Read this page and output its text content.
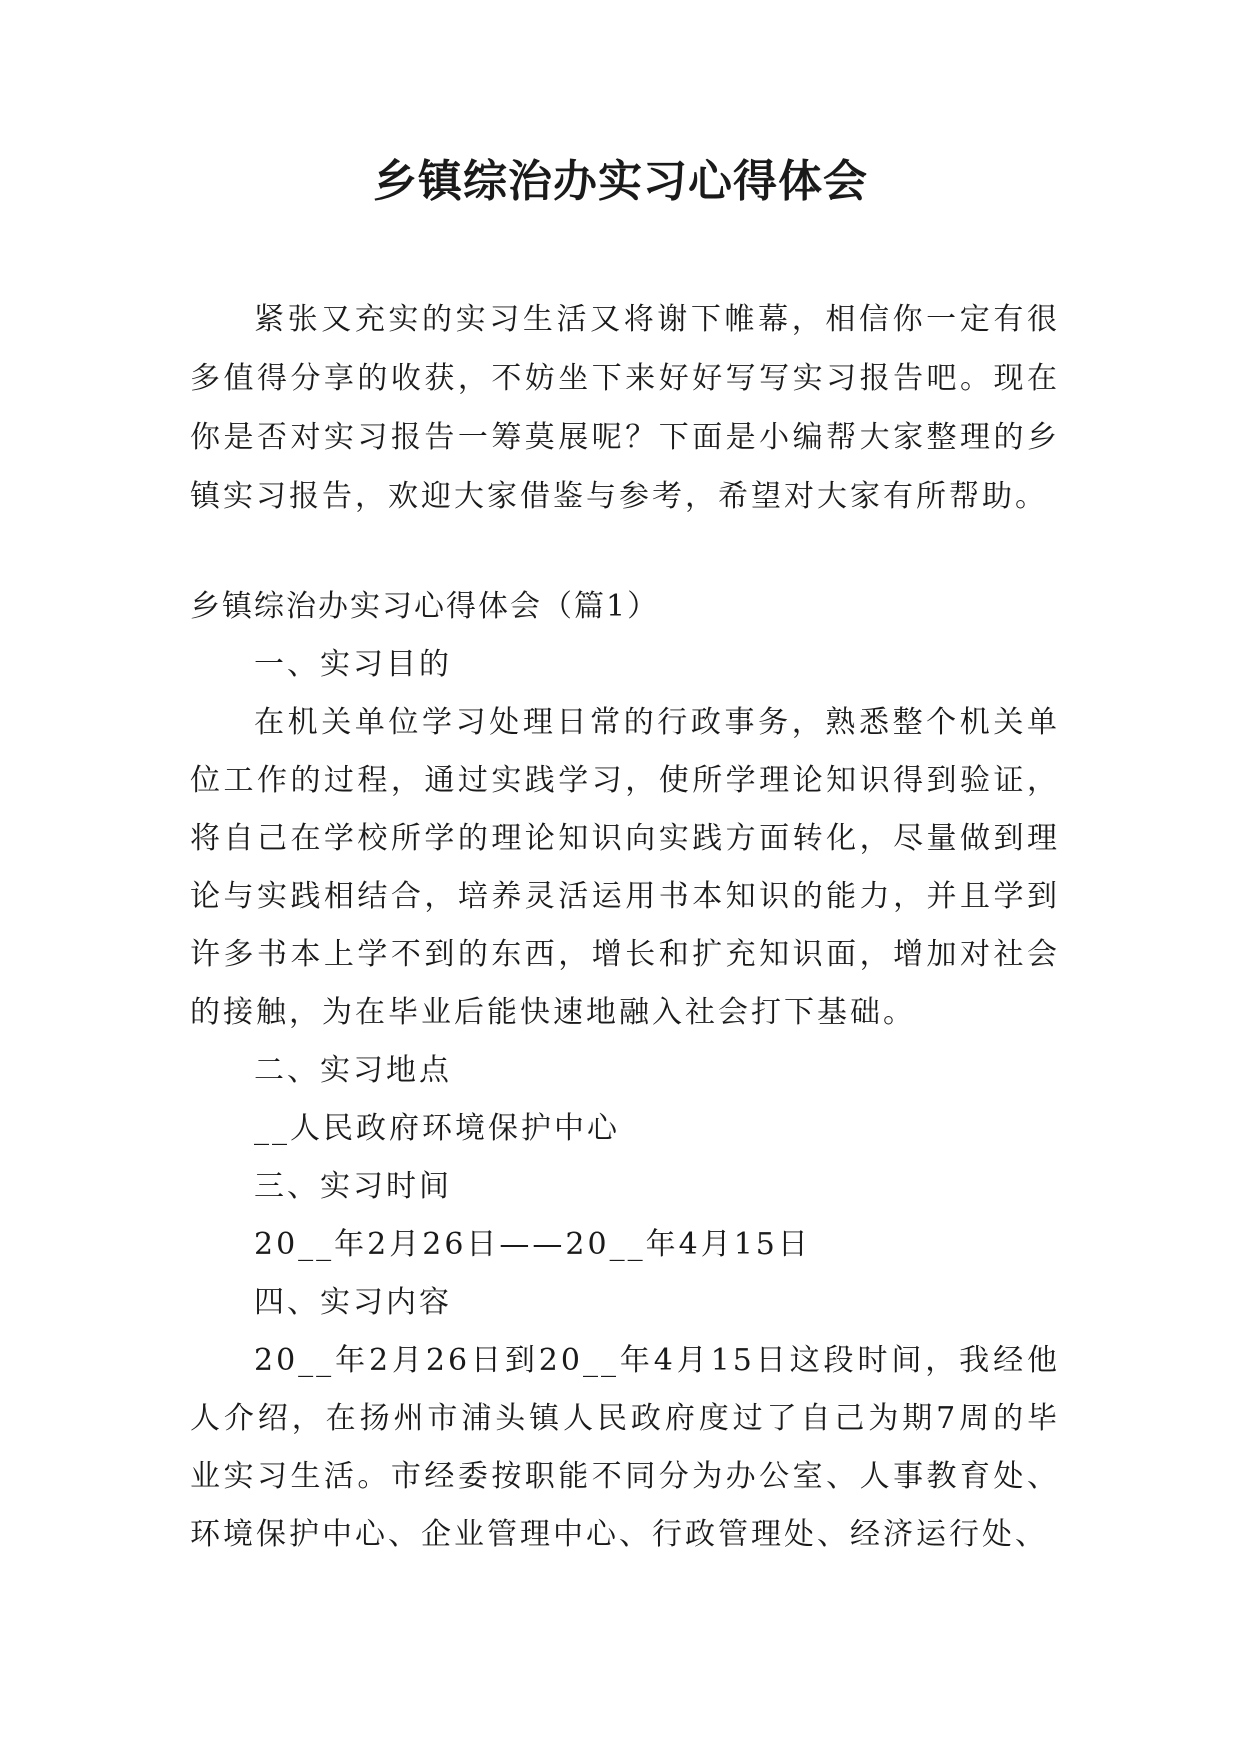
乡镇综治办实习心得体会

紧张又充实的实习生活又将谢下帷幕，相信你一定有很多值得分享的收获，不妨坐下来好好写写实习报告吧。现在你是否对实习报告一筹莫展呢？下面是小编帮大家整理的乡镇实习报告，欢迎大家借鉴与参考，希望对大家有所帮助。

乡镇综治办实习心得体会（篇1）

一、实习目的

在机关单位学习处理日常的行政事务，熟悉整个机关单位工作的过程，通过实践学习，使所学理论知识得到验证，将自己在学校所学的理论知识向实践方面转化，尽量做到理论与实践相结合，培养灵活运用书本知识的能力，并且学到许多书本上学不到的东西，增长和扩充知识面，增加对社会的接触，为在毕业后能快速地融入社会打下基础。

二、实习地点

__人民政府环境保护中心

三、实习时间

20__年2月26日——20__年4月15日

四、实习内容

20__年2月26日到20__年4月15日这段时间，我经他人介绍，在扬州市浦头镇人民政府度过了自己为期7周的毕业实习生活。市经委按职能不同分为办公室、人事教育处、环境保护中心、企业管理中心、行政管理处、经济运行处、
